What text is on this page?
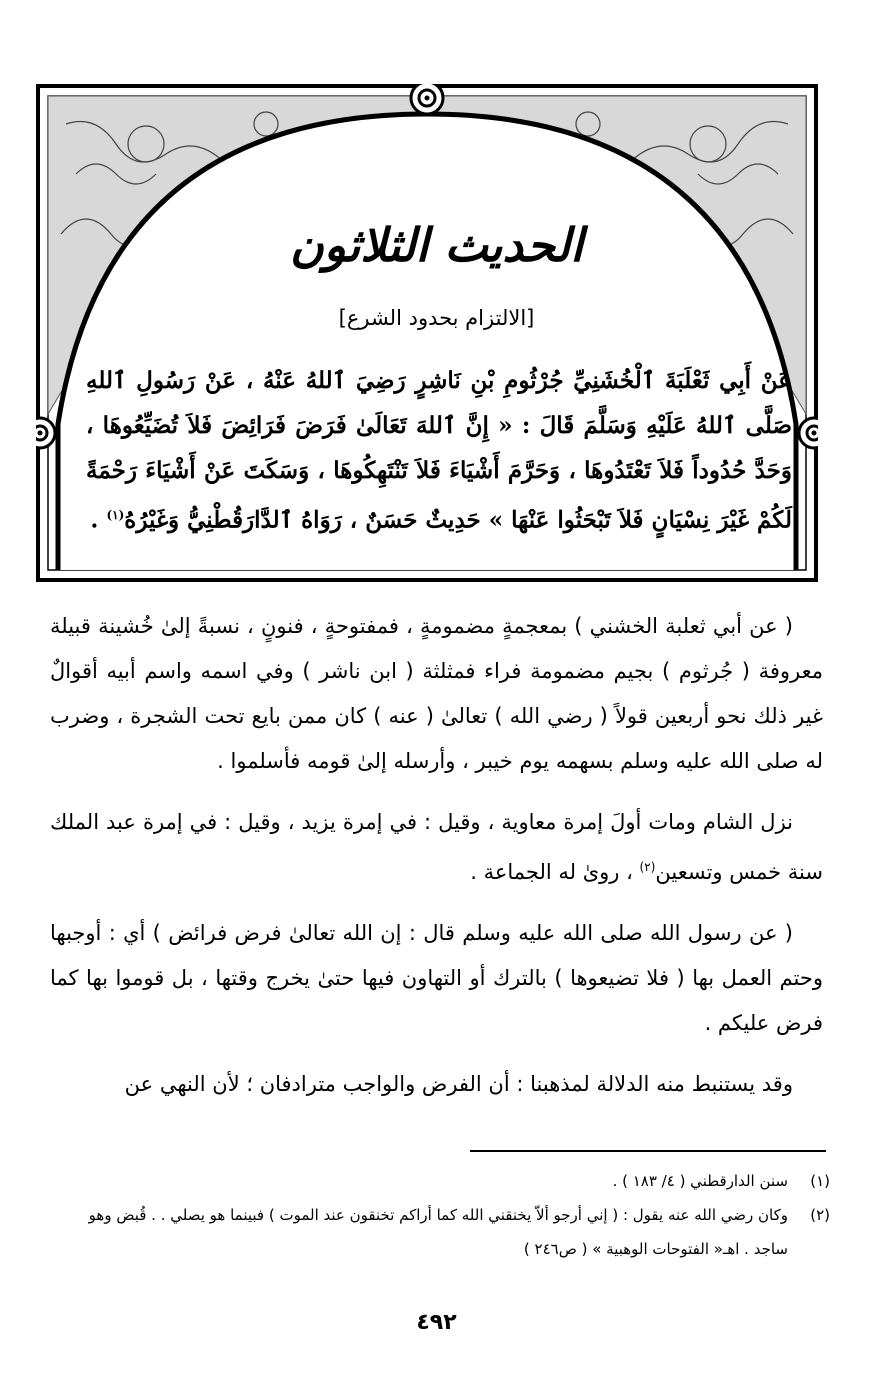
الحديث الثلاثون
[الالتزام بحدود الشرع]

عَنْ أَبِي ثَعْلَبَةَ ٱلْخُشَنِيِّ جُرْثُومِ بْنِ نَاشِرٍ رَضِيَ ٱللهُ عَنْهُ ، عَنْ رَسُولِ ٱللهِ صَلَّى ٱللهُ عَلَيْهِ وَسَلَّمَ قَالَ : « إِنَّ ٱللهَ تَعَالَىٰ فَرَضَ فَرَائِضَ فَلاَ تُضَيِّعُوهَا ، وَحَدَّ حُدُوداً فَلاَ تَعْتَدُوهَا ، وَحَرَّمَ أَشْيَاءَ فَلاَ تَنْتَهِكُوهَا ، وَسَكَتَ عَنْ أَشْيَاءَ رَحْمَةً لَكُمْ غَيْرَ نِسْيَانٍ فَلاَ تَبْحَثُوا عَنْهَا » حَدِيثٌ حَسَنٌ ، رَوَاهُ ٱلدَّارَقُطْنِيُّ وَغَيْرُهُ$^{(١)}$ .

( عن أبي ثعلبة الخشني ) بمعجمةٍ مضمومةٍ ، فمفتوحةٍ ، فنونٍ ، نسبةً إلىٰ خُشينة قبيلة معروفة ( جُرثوم ) بجيم مضمومة فراء فمثلثة ( ابن ناشر ) وفي اسمه واسم أبيه أقوالٌ غير ذلك نحو أربعين قولاً ( رضي الله ) تعالىٰ ( عنه ) كان ممن بايع تحت الشجرة ، وضرب له صلى الله عليه وسلم بسهمه يوم خيبر ، وأرسله إلىٰ قومه فأسلموا .

نزل الشام ومات أولَ إمرة معاوية ، وقيل : في إمرة يزيد ، وقيل : في إمرة عبد الملك سنة خمس وتسعين$^{(٢)}$ ، رویٰ له الجماعة .

( عن رسول الله صلى الله عليه وسلم قال : إن الله تعالىٰ فرض فرائض ) أي : أوجبها وحتم العمل بها ( فلا تضيعوها ) بالترك أو التهاون فيها حتىٰ يخرج وقتها ، بل قوموا بها كما فرض عليكم .

وقد يستنبط منه الدلالة لمذهبنا : أن الفرض والواجب مترادفان ؛ لأن النهي عن

(١)
سنن الدارقطني ( ٤/ ١٨٣ ) .
(٢)
وكان رضي الله عنه يقول : ( إني أرجو ألاّ يخنقني الله كما أراكم تخنقون عند الموت ) فبينما هو يصلي . . قُبض وهو ساجد . اهـ« الفتوحات الوهبية » ( ص٢٤٦ )
٤٩٢
